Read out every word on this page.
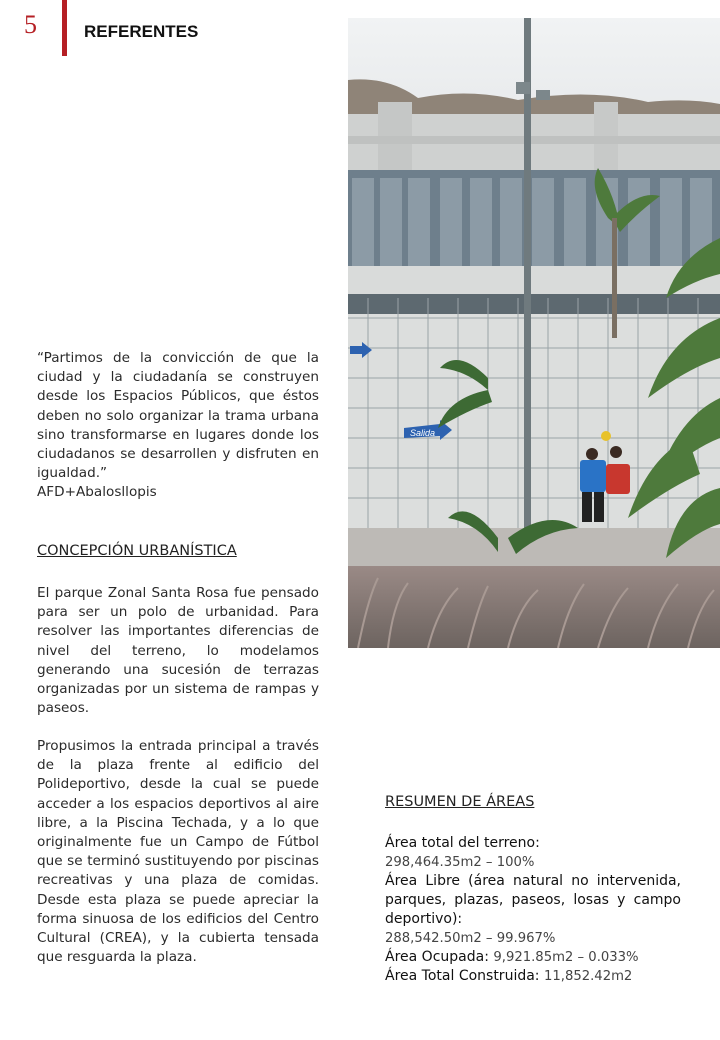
5	REFERENTES
Salida
“Partimos de la convicción de que la ciudad y la ciudadanía se construyen desde los Espacios Públicos, que éstos deben no solo organizar la trama urbana sino transformarse en lugares donde los ciudadanos se desarrollen y disfruten en igualdad.”
AFD+Abalosllopis
CONCEPCIÓN URBANÍSTICA
El parque Zonal Santa Rosa fue pensado para ser un polo de urbanidad. Para resolver las importantes diferencias de nivel del terreno, lo modelamos generando una sucesión de terrazas organizadas por un sistema de rampas y paseos.
Propusimos la entrada principal a través de la plaza frente al edificio del Polideportivo, desde la cual se puede acceder a los espacios deportivos al aire libre, a la Piscina Techada, y a lo que originalmente fue un Campo de Fútbol que se terminó sustituyendo por piscinas recreativas y una plaza de comidas. Desde esta plaza se puede apreciar la forma sinuosa de los edificios del Centro Cultural (CREA), y la cubierta tensada que resguarda la plaza.
RESUMEN DE ÁREAS

Área total del terreno:

298,464.35m2 – 100%

Área Libre (área natural no intervenida, parques, plazas, paseos, losas y campo deportivo):

288,542.50m2 – 99.967%

Área Ocupada: 9,921.85m2 – 0.033%

Área Total Construida: 11,852.42m2
